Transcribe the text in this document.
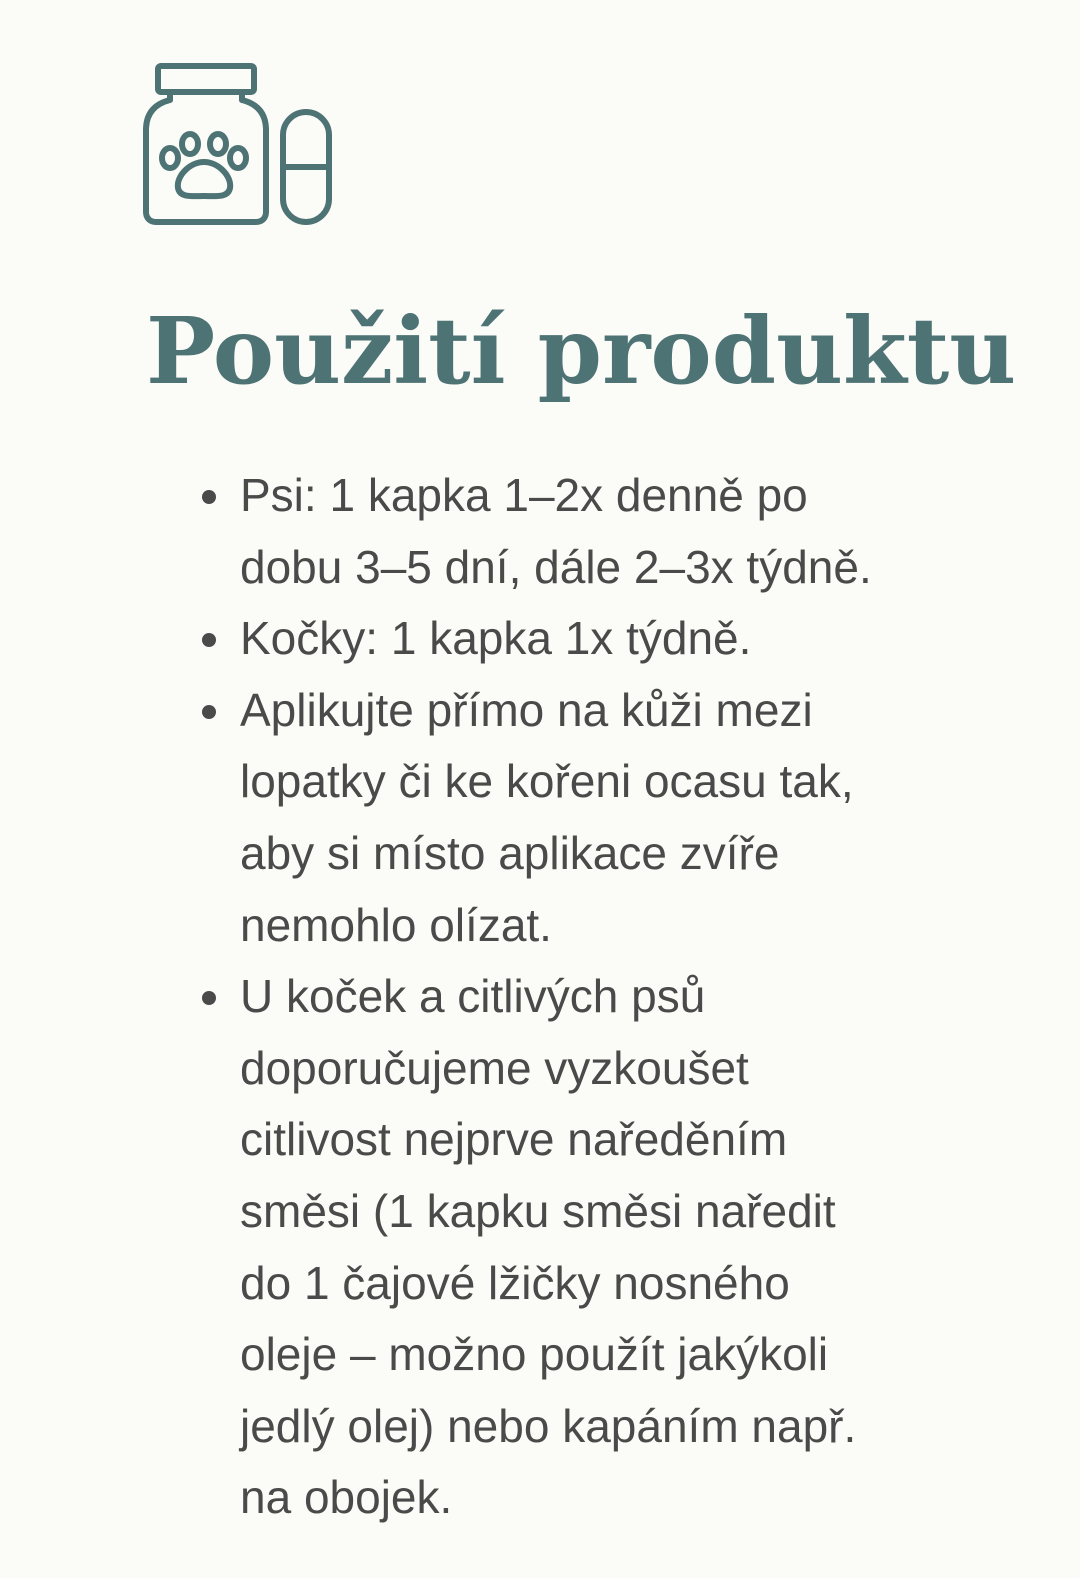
Použití produktu
Psi: 1 kapka 1–2x denně po
dobu 3–5 dní, dále 2–3x týdně.
Kočky: 1 kapka 1x týdně.
Aplikujte přímo na kůži mezi
lopatky či ke kořeni ocasu tak,
aby si místo aplikace zvíře
nemohlo olízat.
U koček a citlivých psů
doporučujeme vyzkoušet
citlivost nejprve naředěním
směsi (1 kapku směsi naředit
do 1 čajové lžičky nosného
oleje – možno použít jakýkoli
jedlý olej) nebo kapáním např.
na obojek.
